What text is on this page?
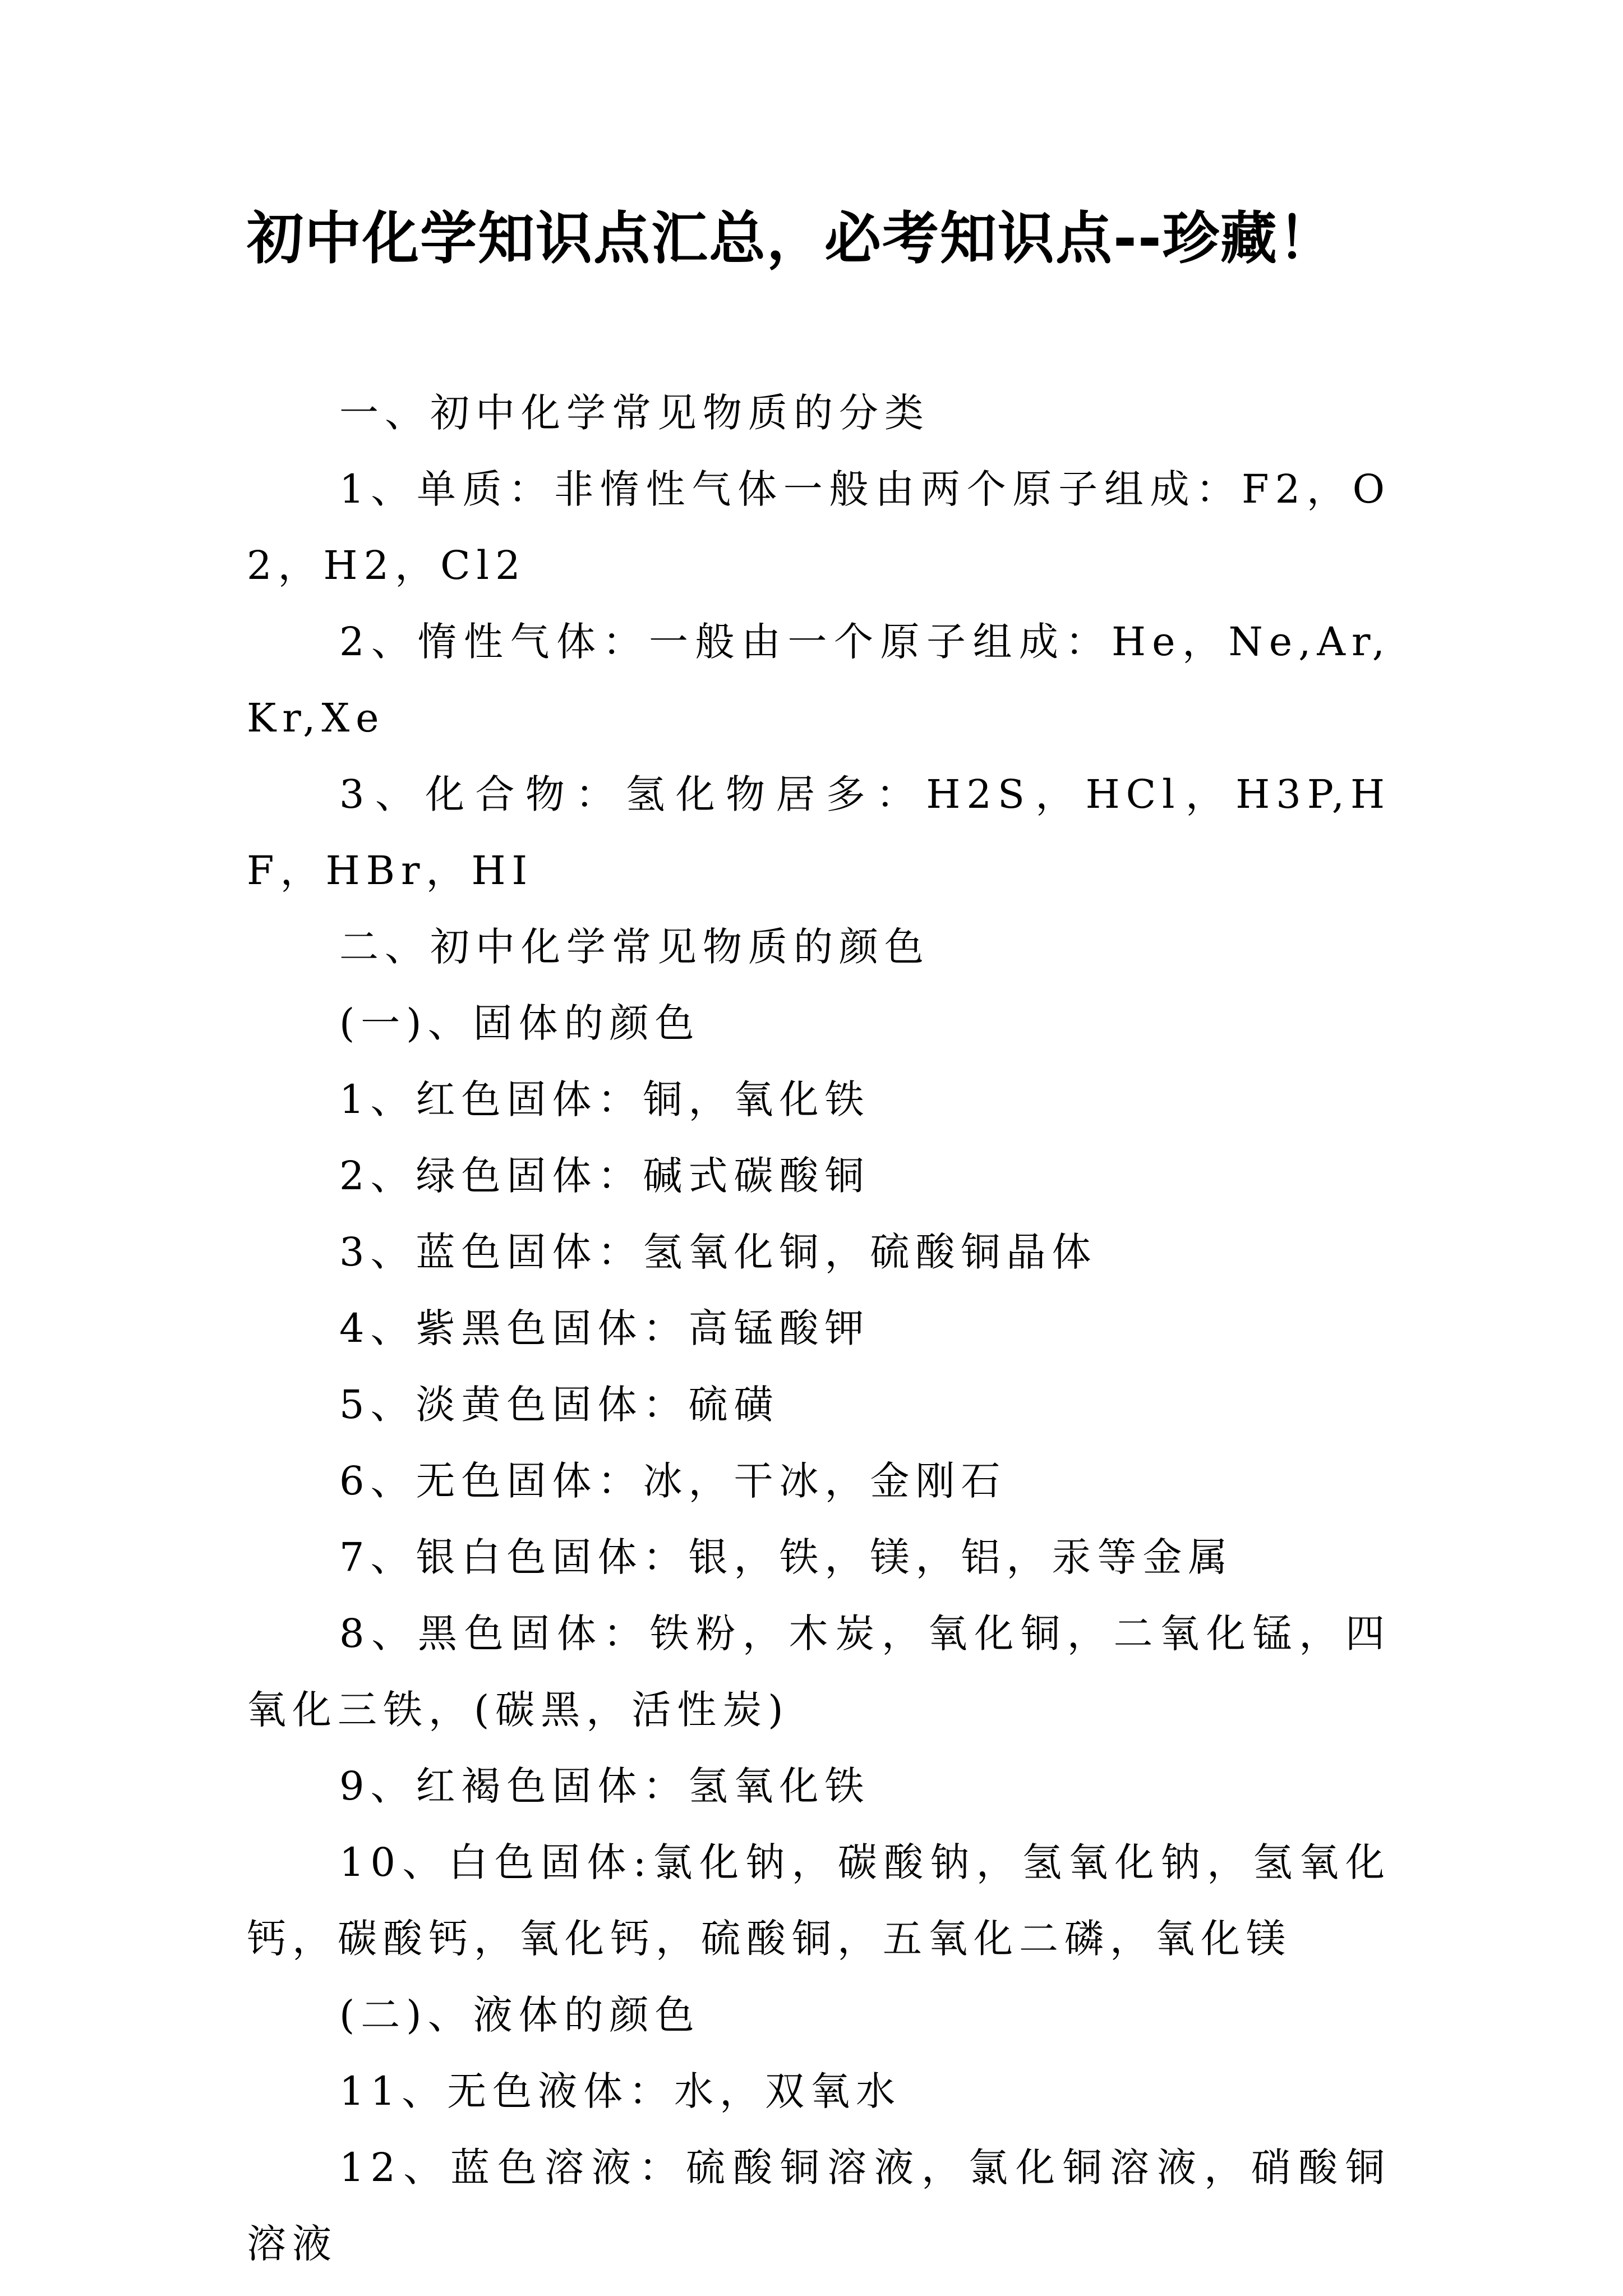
初中化学知识点汇总，必考知识点--珍藏！

一、初中化学常见物质的分类

1、单质：非惰性气体一般由两个原子组成：F2，O2，H2，Cl2

2、惰性气体：一般由一个原子组成：He，Ne,Ar,Kr,Xe

3、化合物：氢化物居多：H2S，HCl，H3P,HF，HBr，HI

二、初中化学常见物质的颜色

(一)、固体的颜色

1、红色固体：铜，氧化铁

2、绿色固体：碱式碳酸铜

3、蓝色固体：氢氧化铜，硫酸铜晶体

4、紫黑色固体：高锰酸钾

5、淡黄色固体：硫磺

6、无色固体：冰，干冰，金刚石

7、银白色固体：银，铁，镁，铝，汞等金属

8、黑色固体：铁粉，木炭，氧化铜，二氧化锰，四氧化三铁，(碳黑，活性炭)

9、红褐色固体：氢氧化铁

10、白色固体:氯化钠，碳酸钠，氢氧化钠，氢氧化钙，碳酸钙，氧化钙，硫酸铜，五氧化二磷，氧化镁

(二)、液体的颜色

11、无色液体：水，双氧水

12、蓝色溶液：硫酸铜溶液，氯化铜溶液，硝酸铜溶液
